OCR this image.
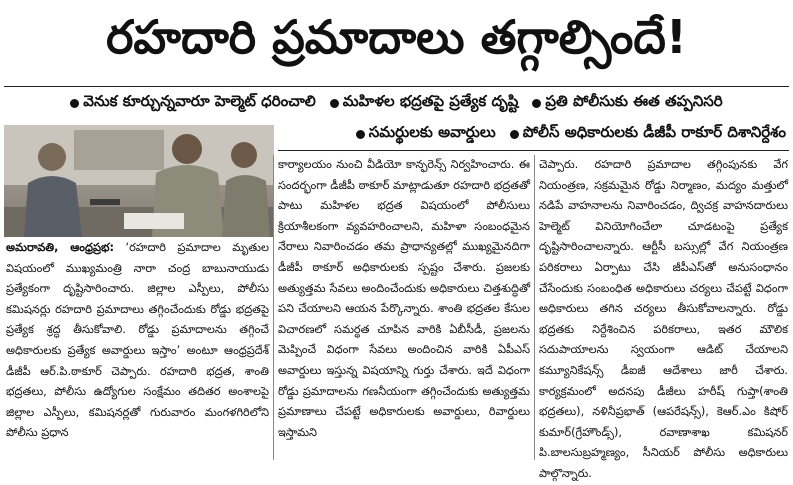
రహదారి ప్రమాదాలు తగ్గాల్సిందే!
వెనుక కూర్చున్నవారూ హెల్మెట్ ధరించాలి మహిళల భద్రతపై ప్రత్యేక దృష్టి ప్రతి పోలీసుకు ఈత తప్పనిసరి
సమర్థులకు అవార్డులు పోలీస్ అధికారులకు డీజీపీ రాకూర్ దిశానిర్దేశం

అమరావతి, ఆంధ్రప్రభ: ‘రహదారి ప్రమాదాల మృతుల విషయంలో ముఖ్యమంత్రి నారా చంద్ర బాబునాయుడు ప్రత్యేకంగా దృష్టిసారించారు. జిల్లాల ఎస్పీలు, పోలీసు కమిషనర్లు రహదారి ప్రమాదాలు తగ్గించేందుకు రోడ్డు భద్రతపై ప్రత్యేక శ్రద్ధ తీసుకోవాలి. రోడ్డు ప్రమాదాలను తగ్గించే అధికారులకు ప్రత్యేక అవార్డులు ఇస్తాం’ అంటూ ఆంధ్రప్రదేశ్ డీజీపీ ఆర్.పి.ఠాకూర్ చెప్పారు. రహదారి భద్రత, శాంతి భద్రతలు, పోలీసు ఉద్యోగుల సంక్షేమం తదితర అంశాలపై జిల్లాల ఎస్పీలు, కమిషనర్లతో గురువారం మంగళగిరిలోని పోలీసు ప్రధాన

కార్యాలయం నుంచి వీడియో కాన్ఫరెన్స్ నిర్వహించారు. ఈ సందర్భంగా డీజీపీ ఠాకూర్ మాట్లాడుతూ రహదారి భద్రతతో పాటు మహిళల భద్రత విషయంలో పోలీసులు క్రియాశీలకంగా వ్యవహరించాలని, మహిళా సంబంధమైన నేరాలు నివారించడం తమ ప్రాధాన్యతల్లో ముఖ్యమైనదిగా డీజీపీ ఠాకూర్ అధికారులకు స్పష్టం చేశారు. ప్రజలకు అత్యుత్తమ సేవలు అందించేందుకు అధికారులు చిత్తశుద్ధితో పని చేయాలని ఆయన పేర్కొన్నారు. శాంతి భద్రతల కేసుల విచారణలో సమర్థత చూపిన వారికి ఏబీసీడీ, ప్రజలను మెప్పించే విధంగా సేవలు అందించిన వారికి ఏపీఎస్ అవార్డులు ఇస్తున్న విషయాన్ని గుర్తు చేశారు. ఇదే విధంగా రోడ్డు ప్రమాదాలను గణనీయంగా తగ్గించేందుకు అత్యుత్తమ ప్రమాణాలు చేపట్టే అధికారులకు అవార్డులు, రివార్డులు ఇస్తామని

చెప్పారు. రహదారి ప్రమాదాల తగ్గింపునకు వేగ నియంత్రణ, సక్రమమైన రోడ్డు నిర్మాణం, మద్యం మత్తులో నడిపే వాహనాలను నివారించడం, ద్విచక్ర వాహనదారులు హెల్మెట్ వినియోగించేలా చూడటంపై ప్రత్యేక దృష్టిసారించాలన్నారు. ఆర్టీసీ బస్సుల్లో వేగ నియంత్రణ పరికరాలు ఏర్పాటు చేసి జీపీఎస్‌తో అనుసంధానం చేసేందుకు సంబంధిత అధికారులు చర్యలు చేపట్టే విధంగా అధికారులు తగిన చర్యలు తీసుకోవాలన్నారు. రోడ్డు భద్రతకు నిర్దేశించిన పరికరాలు, ఇతర మౌలిక సదుపాయాలను స్వయంగా ఆడిట్ చేయాలని కమ్యూనికేషన్స్ డీఐజీ ఆదేశాలు జారీ చేశారు. కార్యక్రమంలో అదనపు డీజీలు హరీష్ గుప్తా(శాంతి భద్రతలు), నళినీప్రభాత్ (ఆపరేషన్స్), కెఆర్.ఎం కిషోర్ కుమార్(గ్రేహౌండ్స్), రవాణాశాఖ కమిషనర్ పి.బాలసుబ్రహ్మణ్యం, సీనియర్ పోలీసు అధికారులు పాల్గొన్నారు.
